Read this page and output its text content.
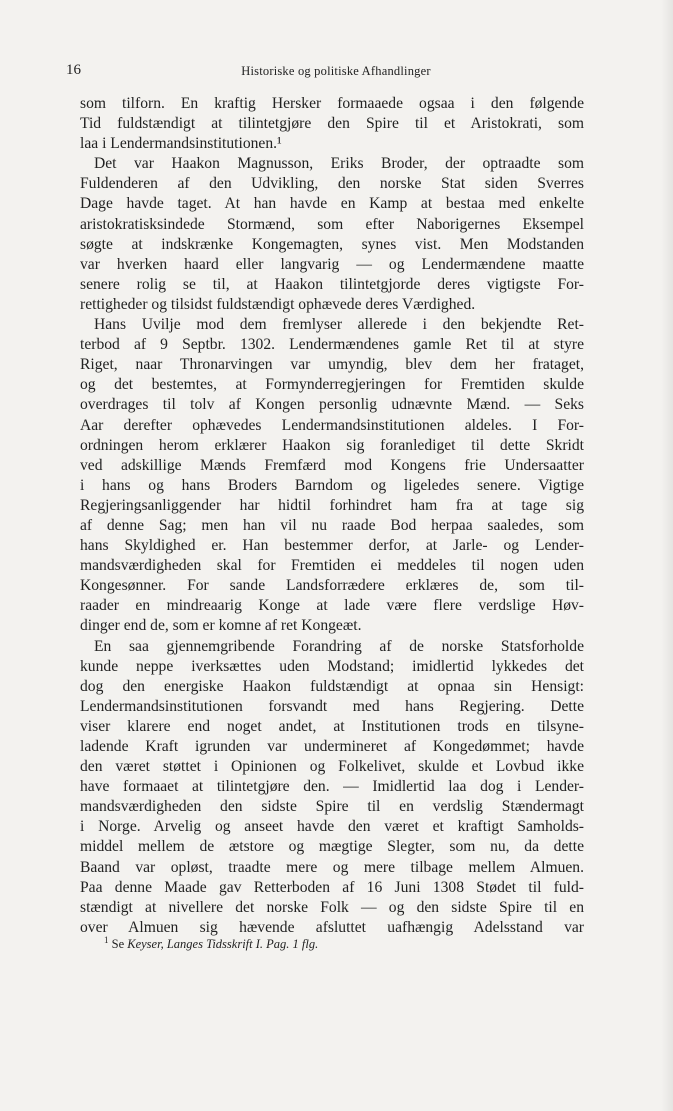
16	Historiske og politiske Afhandlinger
som tilforn. En kraftig Hersker formaaede ogsaa i den følgende
Tid fuldstændigt at tilintetgjøre den Spire til et Aristokrati, som
laa i Lendermandsinstitutionen.¹
Det var Haakon Magnusson, Eriks Broder, der optraadte som
Fuldenderen af den Udvikling, den norske Stat siden Sverres
Dage havde taget. At han havde en Kamp at bestaa med enkelte
aristokratisksindede Stormænd, som efter Naborigernes Eksempel
søgte at indskrænke Kongemagten, synes vist. Men Modstanden
var hverken haard eller langvarig — og Lendermændene maatte
senere rolig se til, at Haakon tilintetgjorde deres vigtigste For-
rettigheder og tilsidst fuldstændigt ophævede deres Værdighed.
Hans Uvilje mod dem fremlyser allerede i den bekjendte Ret-
terbod af 9 Septbr. 1302. Lendermændenes gamle Ret til at styre
Riget, naar Thronarvingen var umyndig, blev dem her frataget,
og det bestemtes, at Formynderregjeringen for Fremtiden skulde
overdrages til tolv af Kongen personlig udnævnte Mænd. — Seks
Aar derefter ophævedes Lendermandsinstitutionen aldeles. I For-
ordningen herom erklærer Haakon sig foranlediget til dette Skridt
ved adskillige Mænds Fremfærd mod Kongens frie Undersaatter
i hans og hans Broders Barndom og ligeledes senere. Vigtige
Regjeringsanliggender har hidtil forhindret ham fra at tage sig
af denne Sag; men han vil nu raade Bod herpaa saaledes, som
hans Skyldighed er. Han bestemmer derfor, at Jarle- og Lender-
mandsværdigheden skal for Fremtiden ei meddeles til nogen uden
Kongesønner. For sande Landsforrædere erklæres de, som til-
raader en mindreaarig Konge at lade være flere verdslige Høv-
dinger end de, som er komne af ret Kongeæt.
En saa gjennemgribende Forandring af de norske Statsforholde
kunde neppe iverksættes uden Modstand; imidlertid lykkedes det
dog den energiske Haakon fuldstændigt at opnaa sin Hensigt:
Lendermandsinstitutionen forsvandt med hans Regjering. Dette
viser klarere end noget andet, at Institutionen trods en tilsyne-
ladende Kraft igrunden var undermineret af Kongedømmet; havde
den været støttet i Opinionen og Folkelivet, skulde et Lovbud ikke
have formaaet at tilintetgjøre den. — Imidlertid laa dog i Lender-
mandsværdigheden den sidste Spire til en verdslig Stændermagt
i Norge. Arvelig og anseet havde den været et kraftigt Samholds-
middel mellem de ætstore og mægtige Slegter, som nu, da dette
Baand var opløst, traadte mere og mere tilbage mellem Almuen.
Paa denne Maade gav Retterboden af 16 Juni 1308 Stødet til fuld-
stændigt at nivellere det norske Folk — og den sidste Spire til en
over Almuen sig hævende afsluttet uafhængig Adelsstand var
$^1$ Se Keyser, Langes Tidsskrift I. Pag. 1 flg.
